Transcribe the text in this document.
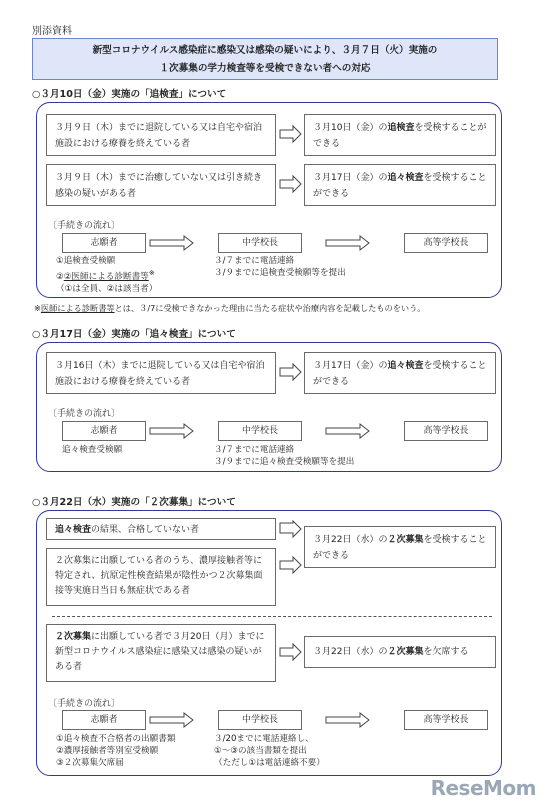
別添資料
新型コロナウイルス感染症に感染又は感染の疑いにより、３月７日（火）実施の
１次募集の学力検査等を受検できない者への対応
○３月10日（金）実施の「追検査」について
３月９日（木）までに退院している又は自宅や宿泊施設における療養を終えている者
３月10日（金）の追検査を受検することができる
３月９日（木）までに治癒していない又は引き続き感染の疑いがある者
３月17日（金）の追々検査を受検することができる
〔手続きの流れ〕
志願者	中学校長	高等学校長
①追検査受検願
②②医師による診断書等※
（①は全員、②は該当者）
３/７までに電話連絡
３/９までに追検査受検願等を提出
※医師による診断書等とは、３/7に受検できなかった理由に当たる症状や治療内容を記載したものをいう。
○３月17日（金）実施の「追々検査」について
３月16日（木）までに退院している又は自宅や宿泊施設における療養を終えている者
３月17日（金）の追々検査を受検することができる
〔手続きの流れ〕
志願者	中学校長	高等学校長
追々検査受検願	３/７までに電話連絡
３/９までに追々検査受検願等を提出
○３月22日（水）実施の「２次募集」について
追々検査の結果、合格していない者
２次募集に出願している者のうち、濃厚接触者等に特定され、抗原定性検査結果が陰性かつ２次募集面接等実施日当日も無症状である者
３月22日（水）の２次募集を受検することができる
２次募集に出願している者で３月20日（月）までに新型コロナウイルス感染症に感染又は感染の疑いがある者
３月22日（水）の２次募集を欠席する
〔手続きの流れ〕
志願者	中学校長	高等学校長
①追々検査不合格者の出願書類
②濃厚接触者等別室受検願
③２次募集欠席届
３/20までに電話連絡し、
①～③の該当書類を提出
（ただし①は電話連絡不要）
ReseMom
